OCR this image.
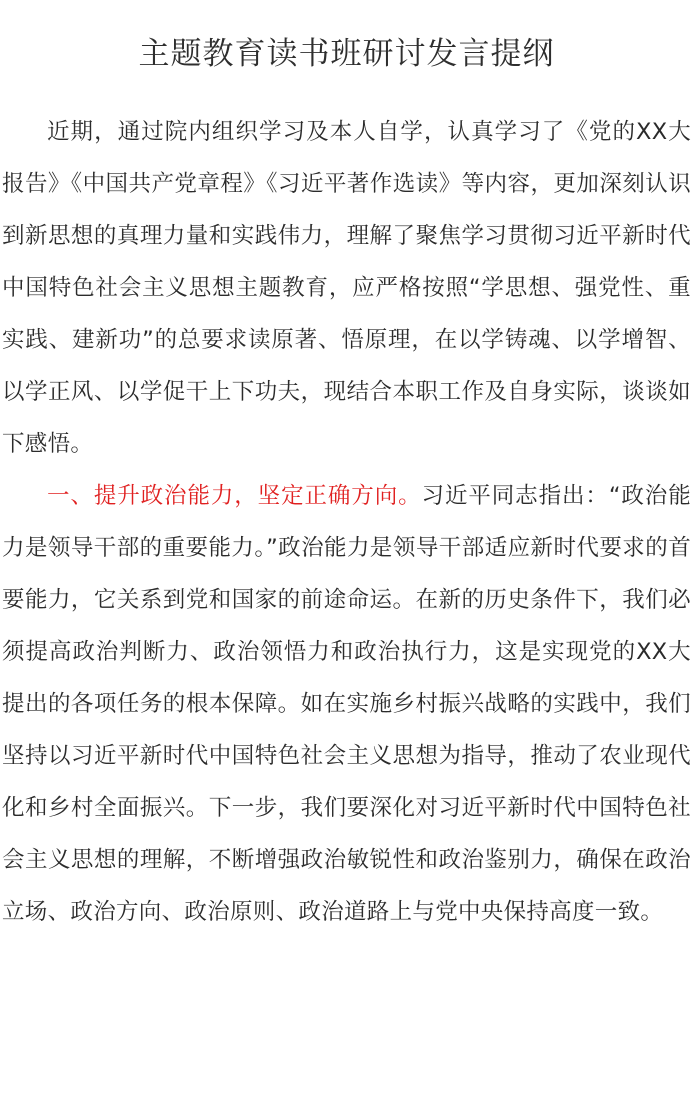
主题教育读书班研讨发言提纲

近期，通过院内组织学习及本人自学，认真学习了《党的XX大报告》《中国共产党章程》《习近平著作选读》等内容，更加深刻认识到新思想的真理力量和实践伟力，理解了聚焦学习贯彻习近平新时代中国特色社会主义思想主题教育，应严格按照“学思想、强党性、重实践、建新功”的总要求读原著、悟原理，在以学铸魂、以学增智、以学正风、以学促干上下功夫，现结合本职工作及自身实际，谈谈如下感悟。

一、提升政治能力，坚定正确方向。习近平同志指出：“政治能力是领导干部的重要能力。”政治能力是领导干部适应新时代要求的首要能力，它关系到党和国家的前途命运。在新的历史条件下，我们必须提高政治判断力、政治领悟力和政治执行力，这是实现党的XX大提出的各项任务的根本保障。如在实施乡村振兴战略的实践中，我们坚持以习近平新时代中国特色社会主义思想为指导，推动了农业现代化和乡村全面振兴。下一步，我们要深化对习近平新时代中国特色社会主义思想的理解，不断增强政治敏锐性和政治鉴别力，确保在政治立场、政治方向、政治原则、政治道路上与党中央保持高度一致。
